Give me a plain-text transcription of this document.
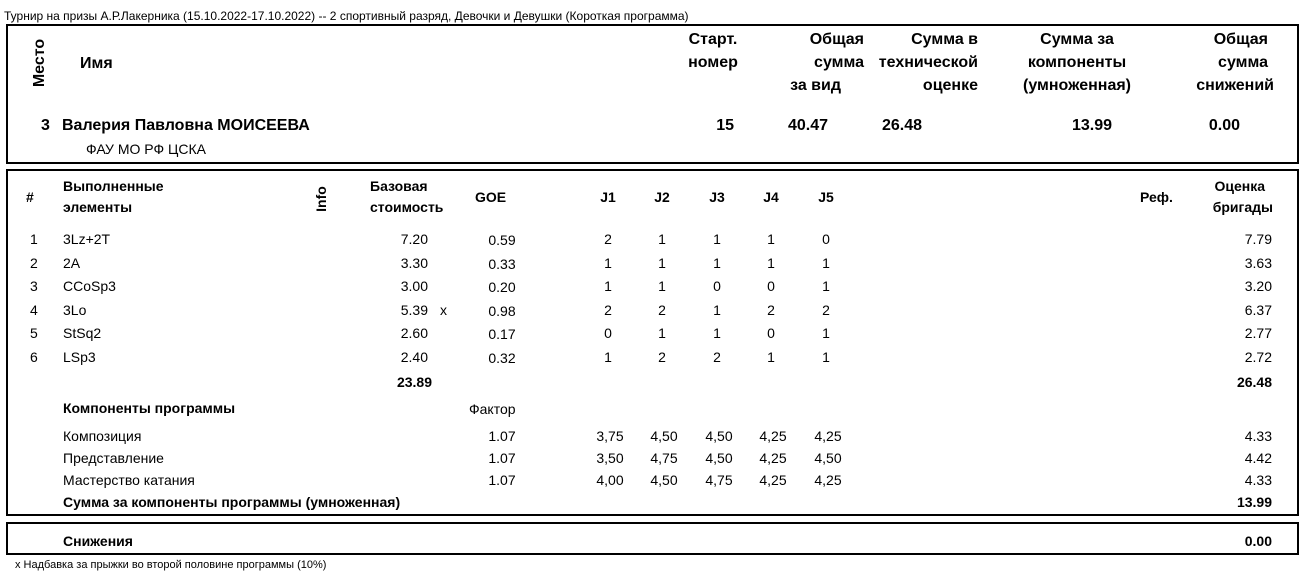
Турнир на призы А.Р.Лакерника (15.10.2022-17.10.2022) -- 2 спортивный разряд, Девочки и Девушки (Короткая программа)
Место Имя
Старт.
номер
Общая
сумма
за вид
Сумма в
технической
оценке
Сумма за
компоненты
(умноженная)
Общая
сумма
снижений
3 Валерия Павловна МОИСЕЕВА
ФАУ МО РФ ЦСКА
15	40.47	26.48	13.99	0.00
#
Выполненные
элементы	Info
Базовая
стоимость
GOE	J1	J2	J3	J4	J5	Реф.
Оценка
бригады
1 3Lz+2T	7.20	0.59	2	1	1	1	0	7.79
2 2A	3.30	0.33	1	1	1	1	1	3.63
3 CCoSp3	3.00	0.20	1	1	0	0	1	3.20
4 3Lo	5.39 x	0.98	2	2	1	2	2	6.37
5 StSq2	2.60	0.17	0	1	1	0	1	2.77
6 LSp3	2.40	0.32	1	2	2	1	1	2.72
23.89	26.48
Компоненты программы	Фактор
Композиция	1.07	3,75	4,50	4,50	4,25	4,25	4.33
Представление	1.07	3,50	4,75	4,50	4,25	4,50	4.42
Мастерство катания	1.07	4,00	4,50	4,75	4,25	4,25	4.33
Сумма за компоненты программы (умноженная)	13.99
Снижения	0.00
x Надбавка за прыжки во второй половине программы (10%)
